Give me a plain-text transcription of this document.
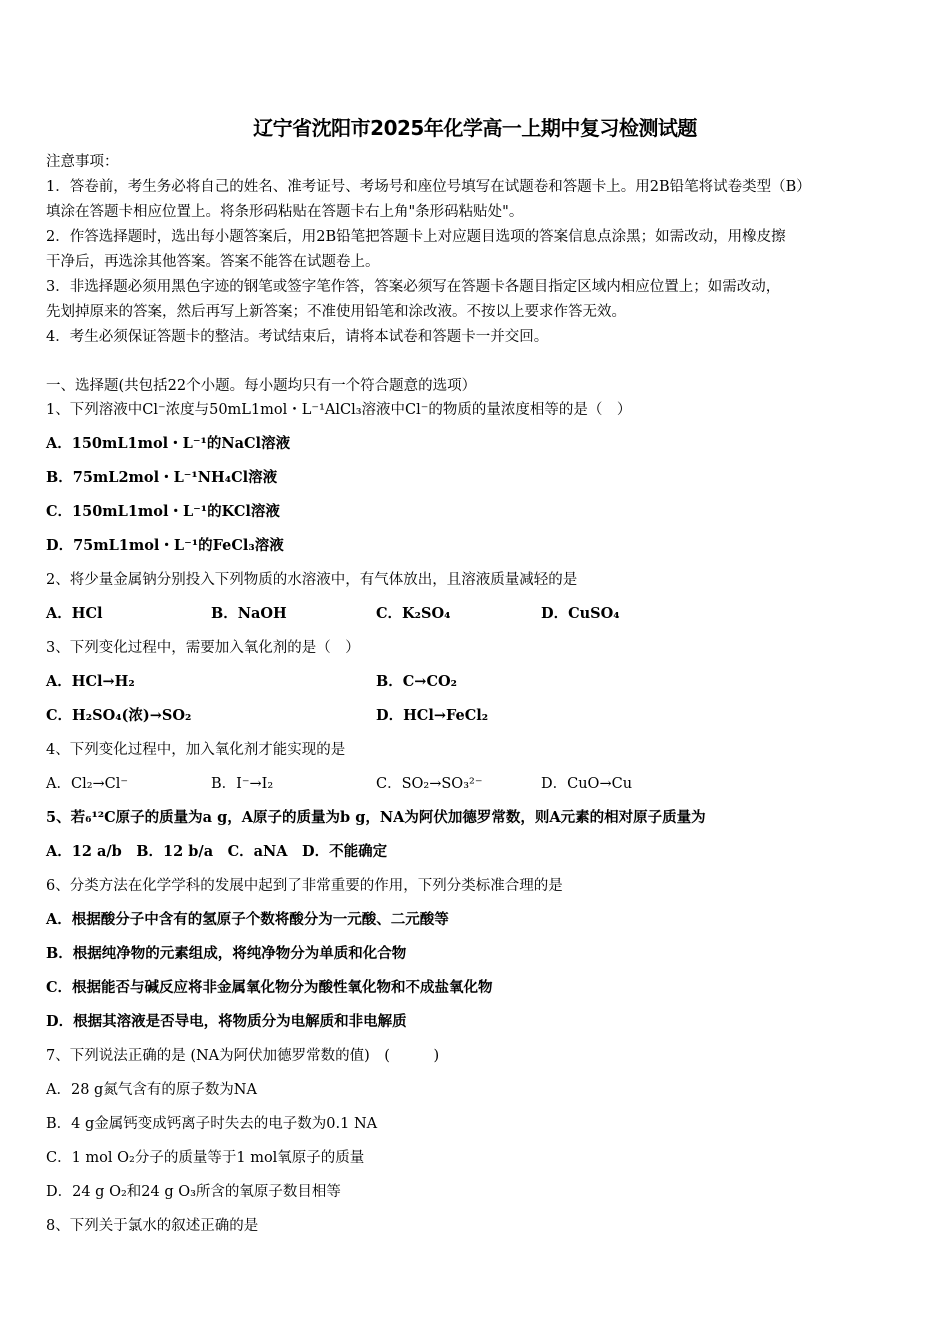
辽宁省沈阳市2025年化学高一上期中复习检测试题
注意事项：
1．答卷前，考生务必将自己的姓名、准考证号、考场号和座位号填写在试题卷和答题卡上。用2B铅笔将试卷类型（B）
填涂在答题卡相应位置上。将条形码粘贴在答题卡右上角"条形码粘贴处"。
2．作答选择题时，选出每小题答案后，用2B铅笔把答题卡上对应题目选项的答案信息点涂黑；如需改动，用橡皮擦
干净后，再选涂其他答案。答案不能答在试题卷上。
3．非选择题必须用黑色字迹的钢笔或签字笔作答，答案必须写在答题卡各题目指定区域内相应位置上；如需改动，
先划掉原来的答案，然后再写上新答案；不准使用铅笔和涂改液。不按以上要求作答无效。
4．考生必须保证答题卡的整洁。考试结束后，请将本试卷和答题卡一并交回。
一、选择题(共包括22个小题。每小题均只有一个符合题意的选项）
1、下列溶液中Cl⁻浓度与50mL1mol・L⁻¹AlCl₃溶液中Cl⁻的物质的量浓度相等的是（　）
A．150mL1mol・L⁻¹的NaCl溶液
B．75mL2mol・L⁻¹NH₄Cl溶液
C．150mL1mol・L⁻¹的KCl溶液
D．75mL1mol・L⁻¹的FeCl₃溶液
2、将少量金属钠分别投入下列物质的水溶液中，有气体放出，且溶液质量减轻的是
A．HCl	B．NaOH	C．K₂SO₄	D．CuSO₄
3、下列变化过程中，需要加入氧化剂的是（　）
A．HCl→H₂	B．C→CO₂
C．H₂SO₄(浓)→SO₂	D．HCl→FeCl₂
4、下列变化过程中，加入氧化剂才能实现的是
A．Cl₂→Cl⁻	B．I⁻→I₂	C．SO₂→SO₃²⁻	D．CuO→Cu
5、若₆¹²C原子的质量为a g，A原子的质量为b g，NA为阿伏加德罗常数，则A元素的相对原子质量为
A．12 a/b　B．12 b/a　C．aNA　D．不能确定
6、分类方法在化学学科的发展中起到了非常重要的作用，下列分类标准合理的是
A．根据酸分子中含有的氢原子个数将酸分为一元酸、二元酸等
B．根据纯净物的元素组成，将纯净物分为单质和化合物
C．根据能否与碱反应将非金属氧化物分为酸性氧化物和不成盐氧化物
D．根据其溶液是否导电，将物质分为电解质和非电解质
7、下列说法正确的是 (NA为阿伏加德罗常数的值)　(　　　)
A．28 g氮气含有的原子数为NA
B．4 g金属钙变成钙离子时失去的电子数为0.1 NA
C．1 mol O₂分子的质量等于1 mol氧原子的质量
D．24 g O₂和24 g O₃所含的氧原子数目相等
8、下列关于氯水的叙述正确的是
